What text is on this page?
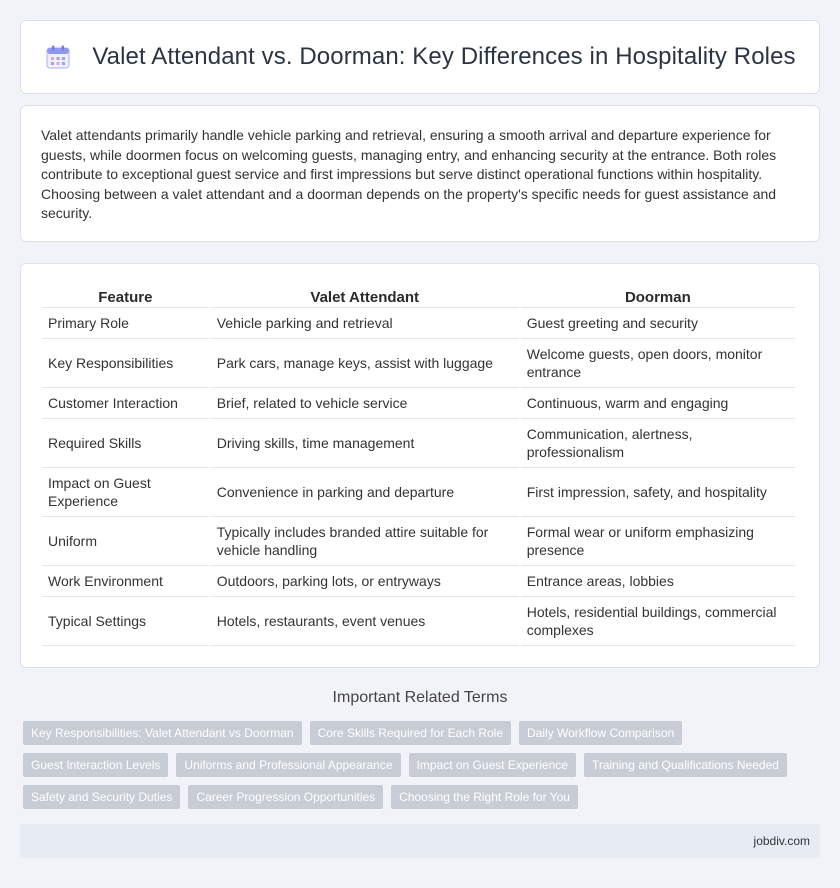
Valet Attendant vs. Doorman: Key Differences in Hospitality Roles

Valet attendants primarily handle vehicle parking and retrieval, ensuring a smooth arrival and departure experience for guests, while doormen focus on welcoming guests, managing entry, and enhancing security at the entrance. Both roles contribute to exceptional guest service and first impressions but serve distinct operational functions within hospitality. Choosing between a valet attendant and a doorman depends on the property's specific needs for guest assistance and security.

Feature	Valet Attendant	Doorman
Primary Role	Vehicle parking and retrieval	Guest greeting and security
Key Responsibilities	Park cars, manage keys, assist with luggage	Welcome guests, open doors, monitor entrance
Customer Interaction	Brief, related to vehicle service	Continuous, warm and engaging
Required Skills	Driving skills, time management	Communication, alertness, professionalism
Impact on Guest Experience	Convenience in parking and departure	First impression, safety, and hospitality
Uniform	Typically includes branded attire suitable for vehicle handling	Formal wear or uniform emphasizing presence
Work Environment	Outdoors, parking lots, or entryways	Entrance areas, lobbies
Typical Settings	Hotels, restaurants, event venues	Hotels, residential buildings, commercial complexes
Important Related Terms
Key Responsibilities: Valet Attendant vs Doorman	Core Skills Required for Each Role	Daily Workflow Comparison
Guest Interaction Levels	Uniforms and Professional Appearance	Impact on Guest Experience	Training and Qualifications Needed
Safety and Security Duties	Career Progression Opportunities	Choosing the Right Role for You
jobdiv.com
